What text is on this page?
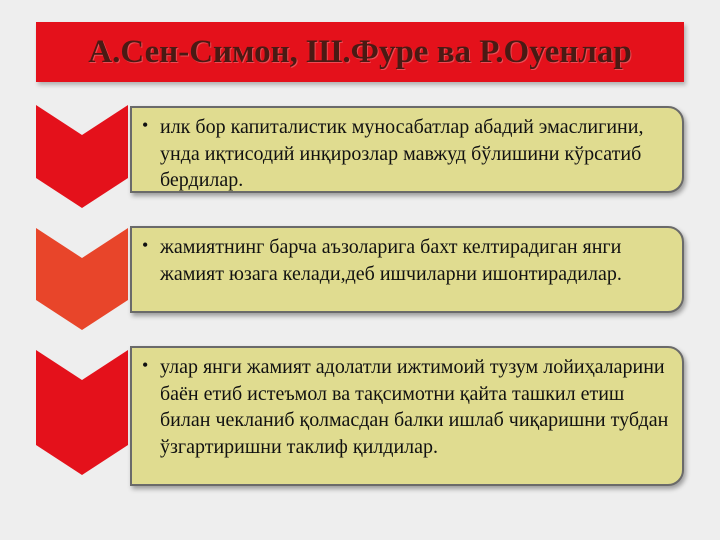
А.Сен-Симон, Ш.Фуре ва Р.Оуенлар
• илк бор капиталистик муносабатлар абадий эмаслигини, унда иқтисодий инқирозлар мавжуд бўлишини кўрсатиб бердилар.
• жамиятнинг барча аъзоларига бахт келтирадиган янги жамият юзага келади,деб ишчиларни ишонтирадилар.
• улар янги жамият адолатли ижтимоий тузум лойиҳаларини баён етиб истеъмол ва тақсимотни қайта ташкил етиш билан чекланиб қолмасдан балки ишлаб чиқаришни тубдан ўзгартиришни таклиф қилдилар.
